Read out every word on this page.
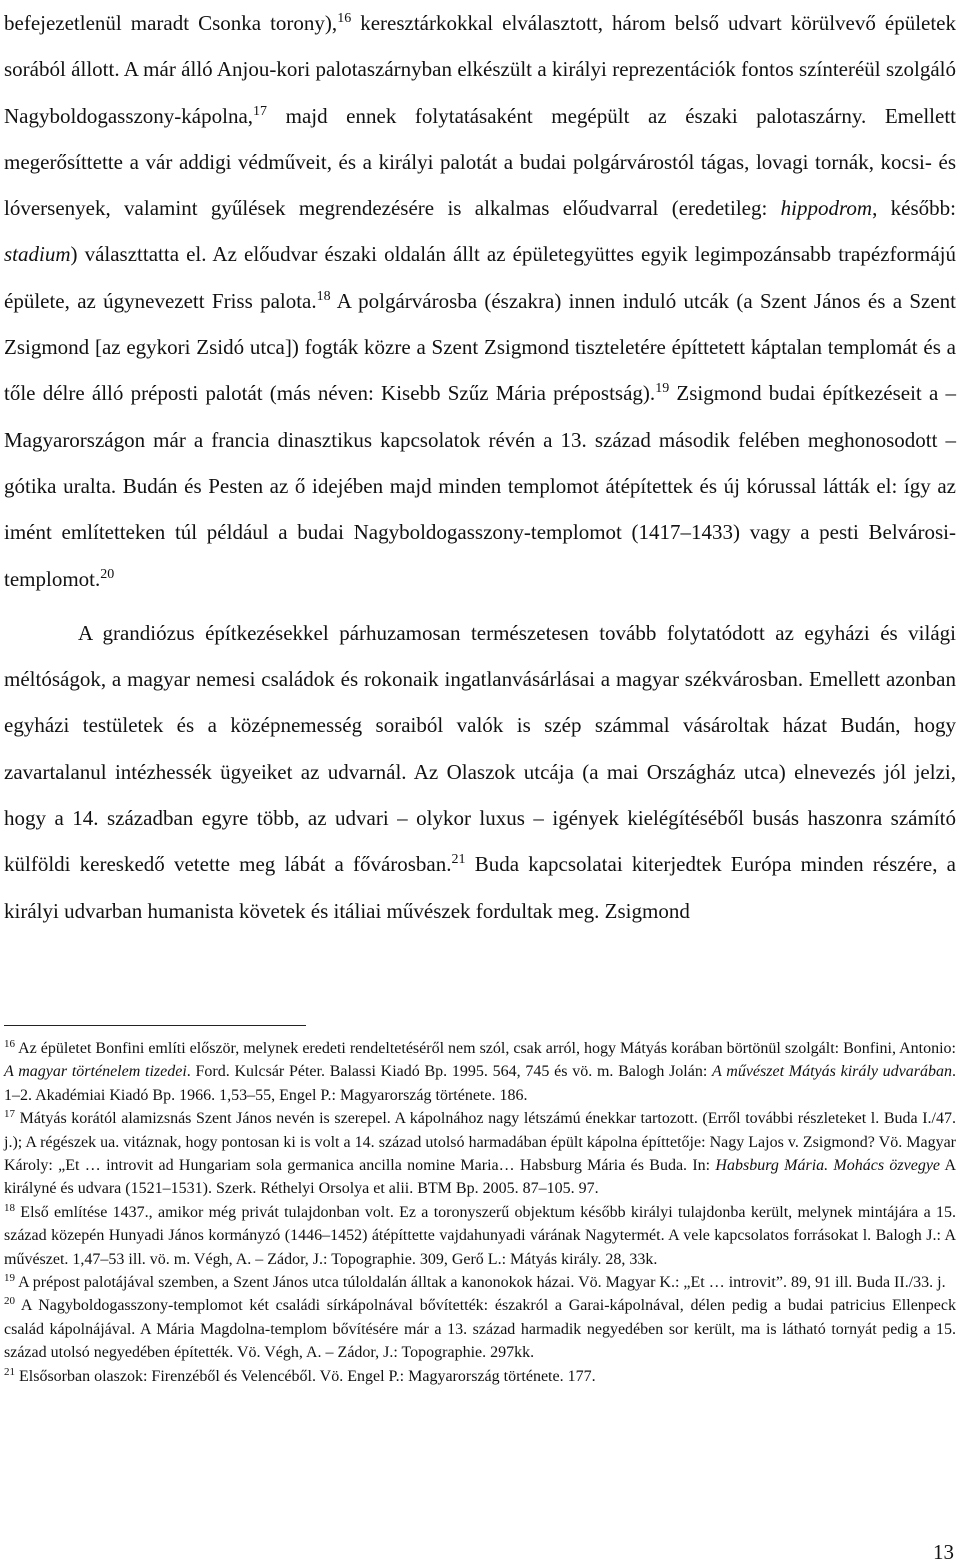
befejezetlenül maradt Csonka torony),$^{16}$ keresztárkokkal elválasztott, három belső udvart körülvevő épületek sorából állott. A már álló Anjou-kori palotaszárnyban elkészült a királyi reprezentációk fontos színteréül szolgáló Nagyboldogasszony-kápolna,$^{17}$ majd ennek folytatásaként megépült az északi palotaszárny. Emellett megerősíttette a vár addigi védműveit, és a királyi palotát a budai polgárvárostól tágas, lovagi tornák, kocsi- és lóversenyek, valamint gyűlések megrendezésére is alkalmas előudvarral (eredetileg: hippodrom, később: stadium) választtatta el. Az előudvar északi oldalán állt az épületegyüttes egyik legimpozánsabb trapézformájú épülete, az úgynevezett Friss palota.$^{18}$ A polgárvárosba (északra) innen induló utcák (a Szent János és a Szent Zsigmond [az egykori Zsidó utca]) fogták közre a Szent Zsigmond tiszteletére építtetett káptalan templomát és a tőle délre álló préposti palotát (más néven: Kisebb Szűz Mária prépostság).$^{19}$ Zsigmond budai építkezéseit a – Magyarországon már a francia dinasztikus kapcsolatok révén a 13. század második felében meghonosodott – gótika uralta. Budán és Pesten az ő idejében majd minden templomot átépítettek és új kórussal látták el: így az imént említetteken túl például a budai Nagyboldogasszony-templomot (1417–1433) vagy a pesti Belvárosi-templomot.$^{20}$

A grandiózus építkezésekkel párhuzamosan természetesen tovább folytatódott az egyházi és világi méltóságok, a magyar nemesi családok és rokonaik ingatlanvásárlásai a magyar székvárosban. Emellett azonban egyházi testületek és a középnemesség soraiból valók is szép számmal vásároltak házat Budán, hogy zavartalanul intézhessék ügyeiket az udvarnál. Az Olaszok utcája (a mai Országház utca) elnevezés jól jelzi, hogy a 14. században egyre több, az udvari – olykor luxus – igények kielégítéséből busás haszonra számító külföldi kereskedő vetette meg lábát a fővárosban.$^{21}$ Buda kapcsolatai kiterjedtek Európa minden részére, a királyi udvarban humanista követek és itáliai művészek fordultak meg. Zsigmond

$^{16}$ Az épületet Bonfini említi először, melynek eredeti rendeltetéséről nem szól, csak arról, hogy Mátyás korában börtönül szolgált: Bonfini, Antonio: A magyar történelem tizedei. Ford. Kulcsár Péter. Balassi Kiadó Bp. 1995. 564, 745 és vö. m. Balogh Jolán: A művészet Mátyás király udvarában. 1–2. Akadémiai Kiadó Bp. 1966. 1,53–55, Engel P.: Magyarország története. 186.

$^{17}$ Mátyás korától alamizsnás Szent János nevén is szerepel. A kápolnához nagy létszámú énekkar tartozott. (Erről további részleteket l. Buda I./47. j.); A régészek ua. vitáznak, hogy pontosan ki is volt a 14. század utolsó harmadában épült kápolna építtetője: Nagy Lajos v. Zsigmond? Vö. Magyar Károly: „Et … introvit ad Hungariam sola germanica ancilla nomine Maria… Habsburg Mária és Buda. In: Habsburg Mária. Mohács özvegye A királyné és udvara (1521–1531). Szerk. Réthelyi Orsolya et alii. BTM Bp. 2005. 87–105. 97.

$^{18}$ Első említése 1437., amikor még privát tulajdonban volt. Ez a toronyszerű objektum később királyi tulajdonba került, melynek mintájára a 15. század közepén Hunyadi János kormányzó (1446–1452) átépíttette vajdahunyadi várának Nagytermét. A vele kapcsolatos forrásokat l. Balogh J.: A művészet. 1,47–53 ill. vö. m. Végh, A. – Zádor, J.: Topographie. 309, Gerő L.: Mátyás király. 28, 33k.

$^{19}$ A prépost palotájával szemben, a Szent János utca túloldalán álltak a kanonokok házai. Vö. Magyar K.: „Et … introvit”. 89, 91 ill. Buda II./33. j.

$^{20}$ A Nagyboldogasszony-templomot két családi sírkápolnával bővítették: északról a Garai-kápolnával, délen pedig a budai patricius Ellenpeck család kápolnájával. A Mária Magdolna-templom bővítésére már a 13. század harmadik negyedében sor került, ma is látható tornyát pedig a 15. század utolsó negyedében építették. Vö. Végh, A. – Zádor, J.: Topographie. 297kk.

$^{21}$ Elsősorban olaszok: Firenzéből és Velencéből. Vö. Engel P.: Magyarország története. 177.

13
